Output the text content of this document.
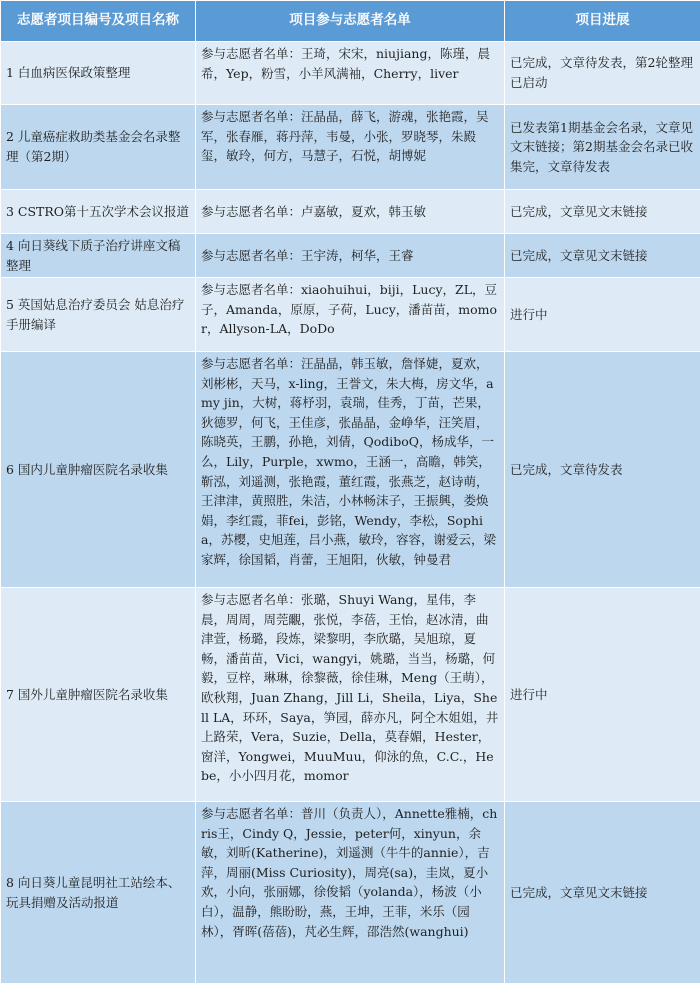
志愿者项目编号及项目名称	项目参与志愿者名单	项目进展
1 白血病医保政策整理	参与志愿者名单：王琦，宋宋，niujiang，陈瑾，晨希，Yep，粉雪，小羊风满袖，Cherry，liver	已完成，文章待发表，第2轮整理已启动
2 儿童癌症救助类基金会名录整理（第2期）	参与志愿者名单：汪晶晶，薛飞，游魂，张艳霞，吴军，张春雁，蒋丹萍，韦曼，小张，罗晓琴，朱殿玺，敏玲，何方，马慧子，石悦，胡博妮	已发表第1期基金会名录，文章见文末链接；第2期基金会名录已收集完，文章待发表
3 CSTRO第十五次学术会议报道	参与志愿者名单：卢嘉敏，夏欢，韩玉敏	已完成，文章见文末链接
4 向日葵线下质子治疗讲座文稿整理	参与志愿者名单：王宇涛，柯华，王睿	已完成，文章见文末链接
5 英国姑息治疗委员会 姑息治疗手册编译	参与志愿者名单：xiaohuihui，biji，Lucy，ZL，豆子，Amanda，原原，子荷，Lucy，潘苗苗，momor，Allyson-LA，DoDo	进行中
6 国内儿童肿瘤医院名录收集	参与志愿者名单：汪晶晶，韩玉敏，詹怿婕，夏欢，刘彬彬，天马，x-ling，王誉文，朱大梅，房文华，amy jin，大树，蒋杼羽，袁瑞，佳秀，丁苗，芒果，狄德罗，何飞，王佳彦，张晶晶，金峥华，汪笑眉，陈晓英，王鹏，孙艳，刘倩，QodiboQ，杨成华，一么，Lily，Purple，xwmo，王涵一，高瞻，韩笑，靳泓，刘遥测，张艳霞，董红霞，张燕芝，赵诗萌，王津津，黄照胜，朱洁，小林畅沫子，王振興，娄焕娟，李红霞，菲fei，彭铭，Wendy，李松，Sophia，苏樱，史旭莲，吕小燕，敏玲，容容，谢爱云，梁家辉，徐国韬，肖蕾，王旭阳，伙敏，钟曼君	已完成，文章待发表
7 国外儿童肿瘤医院名录收集	参与志愿者名单：张璐，Shuyi Wang，星伟，李晨，周周，周莞覼，张悦，李蓓，王怡，赵冰清，曲津萱，杨璐，段炼，梁黎明，李欣璐，吴旭琼，夏畅，潘苗苗，Vici，wangyi，姚璐，当当，杨璐，何毅，豆梓，琳琳，徐黎薇，徐佳琳，Meng（王萌），欧秋翔，Juan Zhang，Jill Li，Sheila，Liya，Shell LA，环环，Saya，笋园，薛亦凡，阿仝木姐姐，井上路荣，Vera，Suzie，Della，莫春媚，Hester，窗洋，Yongwei，MuuMuu，仰泳的魚，C.C.，Hebe，小小四月花，momor	进行中
8 向日葵儿童昆明社工站绘本、玩具捐赠及活动报道	参与志愿者名单：普川（负责人），Annette雅楠，chris王，Cindy Q，Jessie，peter何，xinyun，余敏，刘昕(Katherine)，刘遥测（牛牛的annie），吉萍，周丽(Miss Curiosity)，周亮(sa)，圭岚，夏小欢，小向，张丽娜，徐俊韬（yolanda），杨波（小白），温静，熊盼盼，燕，王坤，王菲，米乐（园林），胥晖(蓓蓓)，芃必生辉，邵浩然(wanghui)	已完成，文章见文末链接
